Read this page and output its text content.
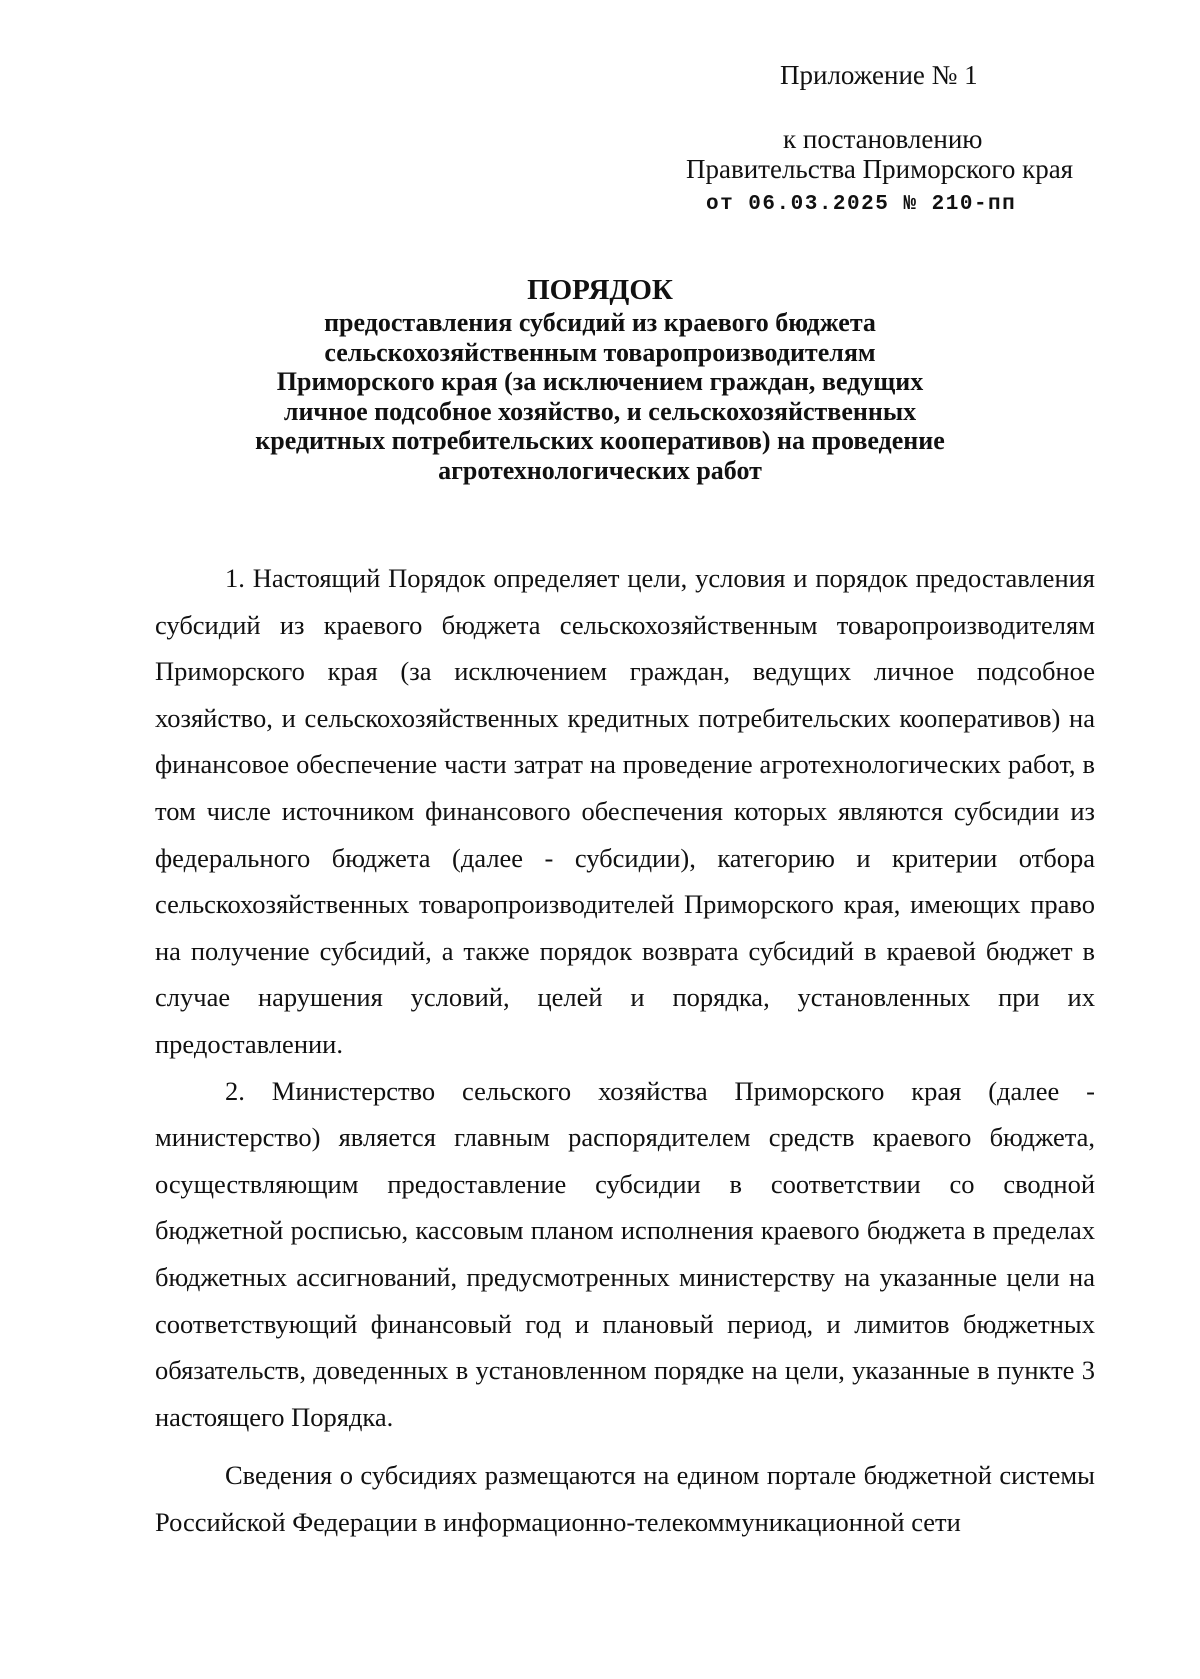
Приложение № 1
к постановлению
Правительства Приморского края
от 06.03.2025 № 210-пп

ПОРЯДОК

предоставления субсидий из краевого бюджета

сельскохозяйственным товаропроизводителям

Приморского края (за исключением граждан, ведущих

личное подсобное хозяйство, и сельскохозяйственных

кредитных потребительских кооперативов) на проведение

агротехнологических работ

1. Настоящий Порядок определяет цели, условия и порядок предоставления субсидий из краевого бюджета сельскохозяйственным товаропроизводителям Приморского края (за исключением граждан, ведущих личное подсобное хозяйство, и сельскохозяйственных кредитных потребительских кооперативов) на финансовое обеспечение части затрат на проведение агротехнологических работ, в том числе источником финансового обеспечения которых являются субсидии из федерального бюджета (далее - субсидии), категорию и критерии отбора сельскохозяйственных товаропроизводителей Приморского края, имеющих право на получение субсидий, а также порядок возврата субсидий в краевой бюджет в случае нарушения условий, целей и порядка, установленных при их предоставлении.

2. Министерство сельского хозяйства Приморского края (далее - министерство) является главным распорядителем средств краевого бюджета, осуществляющим предоставление субсидии в соответствии со сводной бюджетной росписью, кассовым планом исполнения краевого бюджета в пределах бюджетных ассигнований, предусмотренных министерству на указанные цели на соответствующий финансовый год и плановый период, и лимитов бюджетных обязательств, доведенных в установленном порядке на цели, указанные в пункте 3 настоящего Порядка.

Сведения о субсидиях размещаются на едином портале бюджетной системы Российской Федерации в информационно-телекоммуникационной сети
